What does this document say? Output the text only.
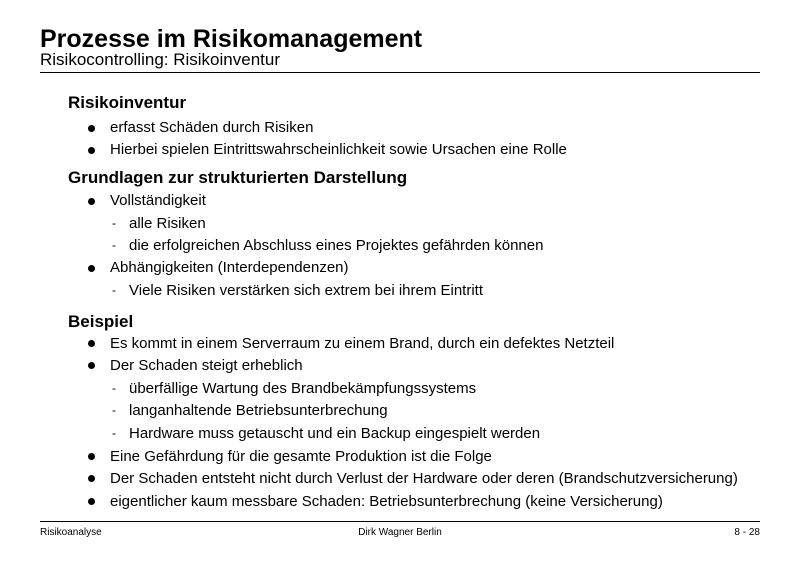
Prozesse im Risikomanagement
Risikocontrolling: Risikoinventur
Risikoinventur
erfasst Schäden durch Risiken
Hierbei spielen Eintrittswahrscheinlichkeit sowie Ursachen eine Rolle
Grundlagen zur strukturierten Darstellung
Vollständigkeit
- alle Risiken
- die erfolgreichen Abschluss eines Projektes gefährden können
Abhängigkeiten (Interdependenzen)
- Viele Risiken verstärken sich extrem bei ihrem Eintritt
Beispiel
Es kommt in einem Serverraum zu einem Brand, durch ein defektes Netzteil
Der Schaden steigt erheblich
- überfällige Wartung des Brandbekämpfungssystems
- langanhaltende Betriebsunterbrechung
- Hardware muss getauscht und ein Backup eingespielt werden
Eine Gefährdung für die gesamte Produktion ist die Folge
Der Schaden entsteht nicht durch Verlust der Hardware oder deren (Brandschutzversicherung)
eigentlicher kaum messbare Schaden: Betriebsunterbrechung (keine Versicherung)
Risikoanalyse	Dirk Wagner Berlin	8 - 28
